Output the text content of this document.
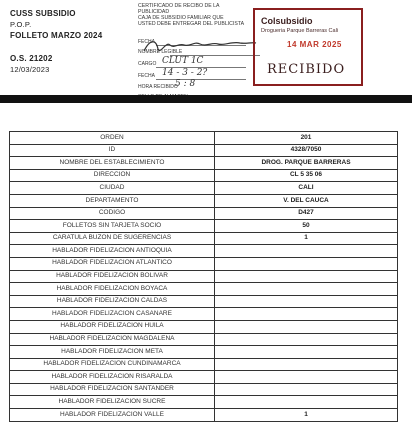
CUSS SUBSIDIO
P.O.P.
FOLLETO MARZO 2024
O.S. 21202
12/03/2023
CERTIFICADO DE RECIBO DE LA
PUBLICIDAD
CAJA DE SUBSIDIO FAMILIAR QUE
USTED DEBE ENTREGAR DEL PUBLICISTA
FECHA
NOMBRE LEGIBLE
CARGO CLUT 1C
FECHA 14 - 3 - 2?
HORA RECIBIDO
5 : 8
Colsubsidio
Drogueria Parque Barreras Cali
14 MAR 2025
RECIBIDO
ORDEN	201
ID	4328/7050
NOMBRE DEL ESTABLECIMIENTO	DROG. PARQUE BARRERAS
DIRECCION	CL 5 35 06
CIUDAD	CALI
DEPARTAMENTO	V. DEL CAUCA
CODIGO	D427
FOLLETOS SIN TARJETA SOCIO	50
CARATULA BUZON DE SUGERENCIAS	1
HABLADOR FIDELIZACION ANTIOQUIA	
HABLADOR FIDELIZACION ATLANTICO	
HABLADOR FIDELIZACION BOLIVAR	
HABLADOR FIDELIZACION BOYACA	
HABLADOR FIDELIZACION CALDAS	
HABLADOR FIDELIZACION CASANARE	
HABLADOR FIDELIZACION HUILA	
HABLADOR FIDELIZACION MAGDALENA	
HABLADOR FIDELIZACION META	
HABLADOR FIDELIZACION CUNDINAMARCA	
HABLADOR FIDELIZACION RISARALDA	
HABLADOR FIDELIZACION SANTANDER	
HABLADOR FIDELIZACION SUCRE	
HABLADOR FIDELIZACION VALLE	1
